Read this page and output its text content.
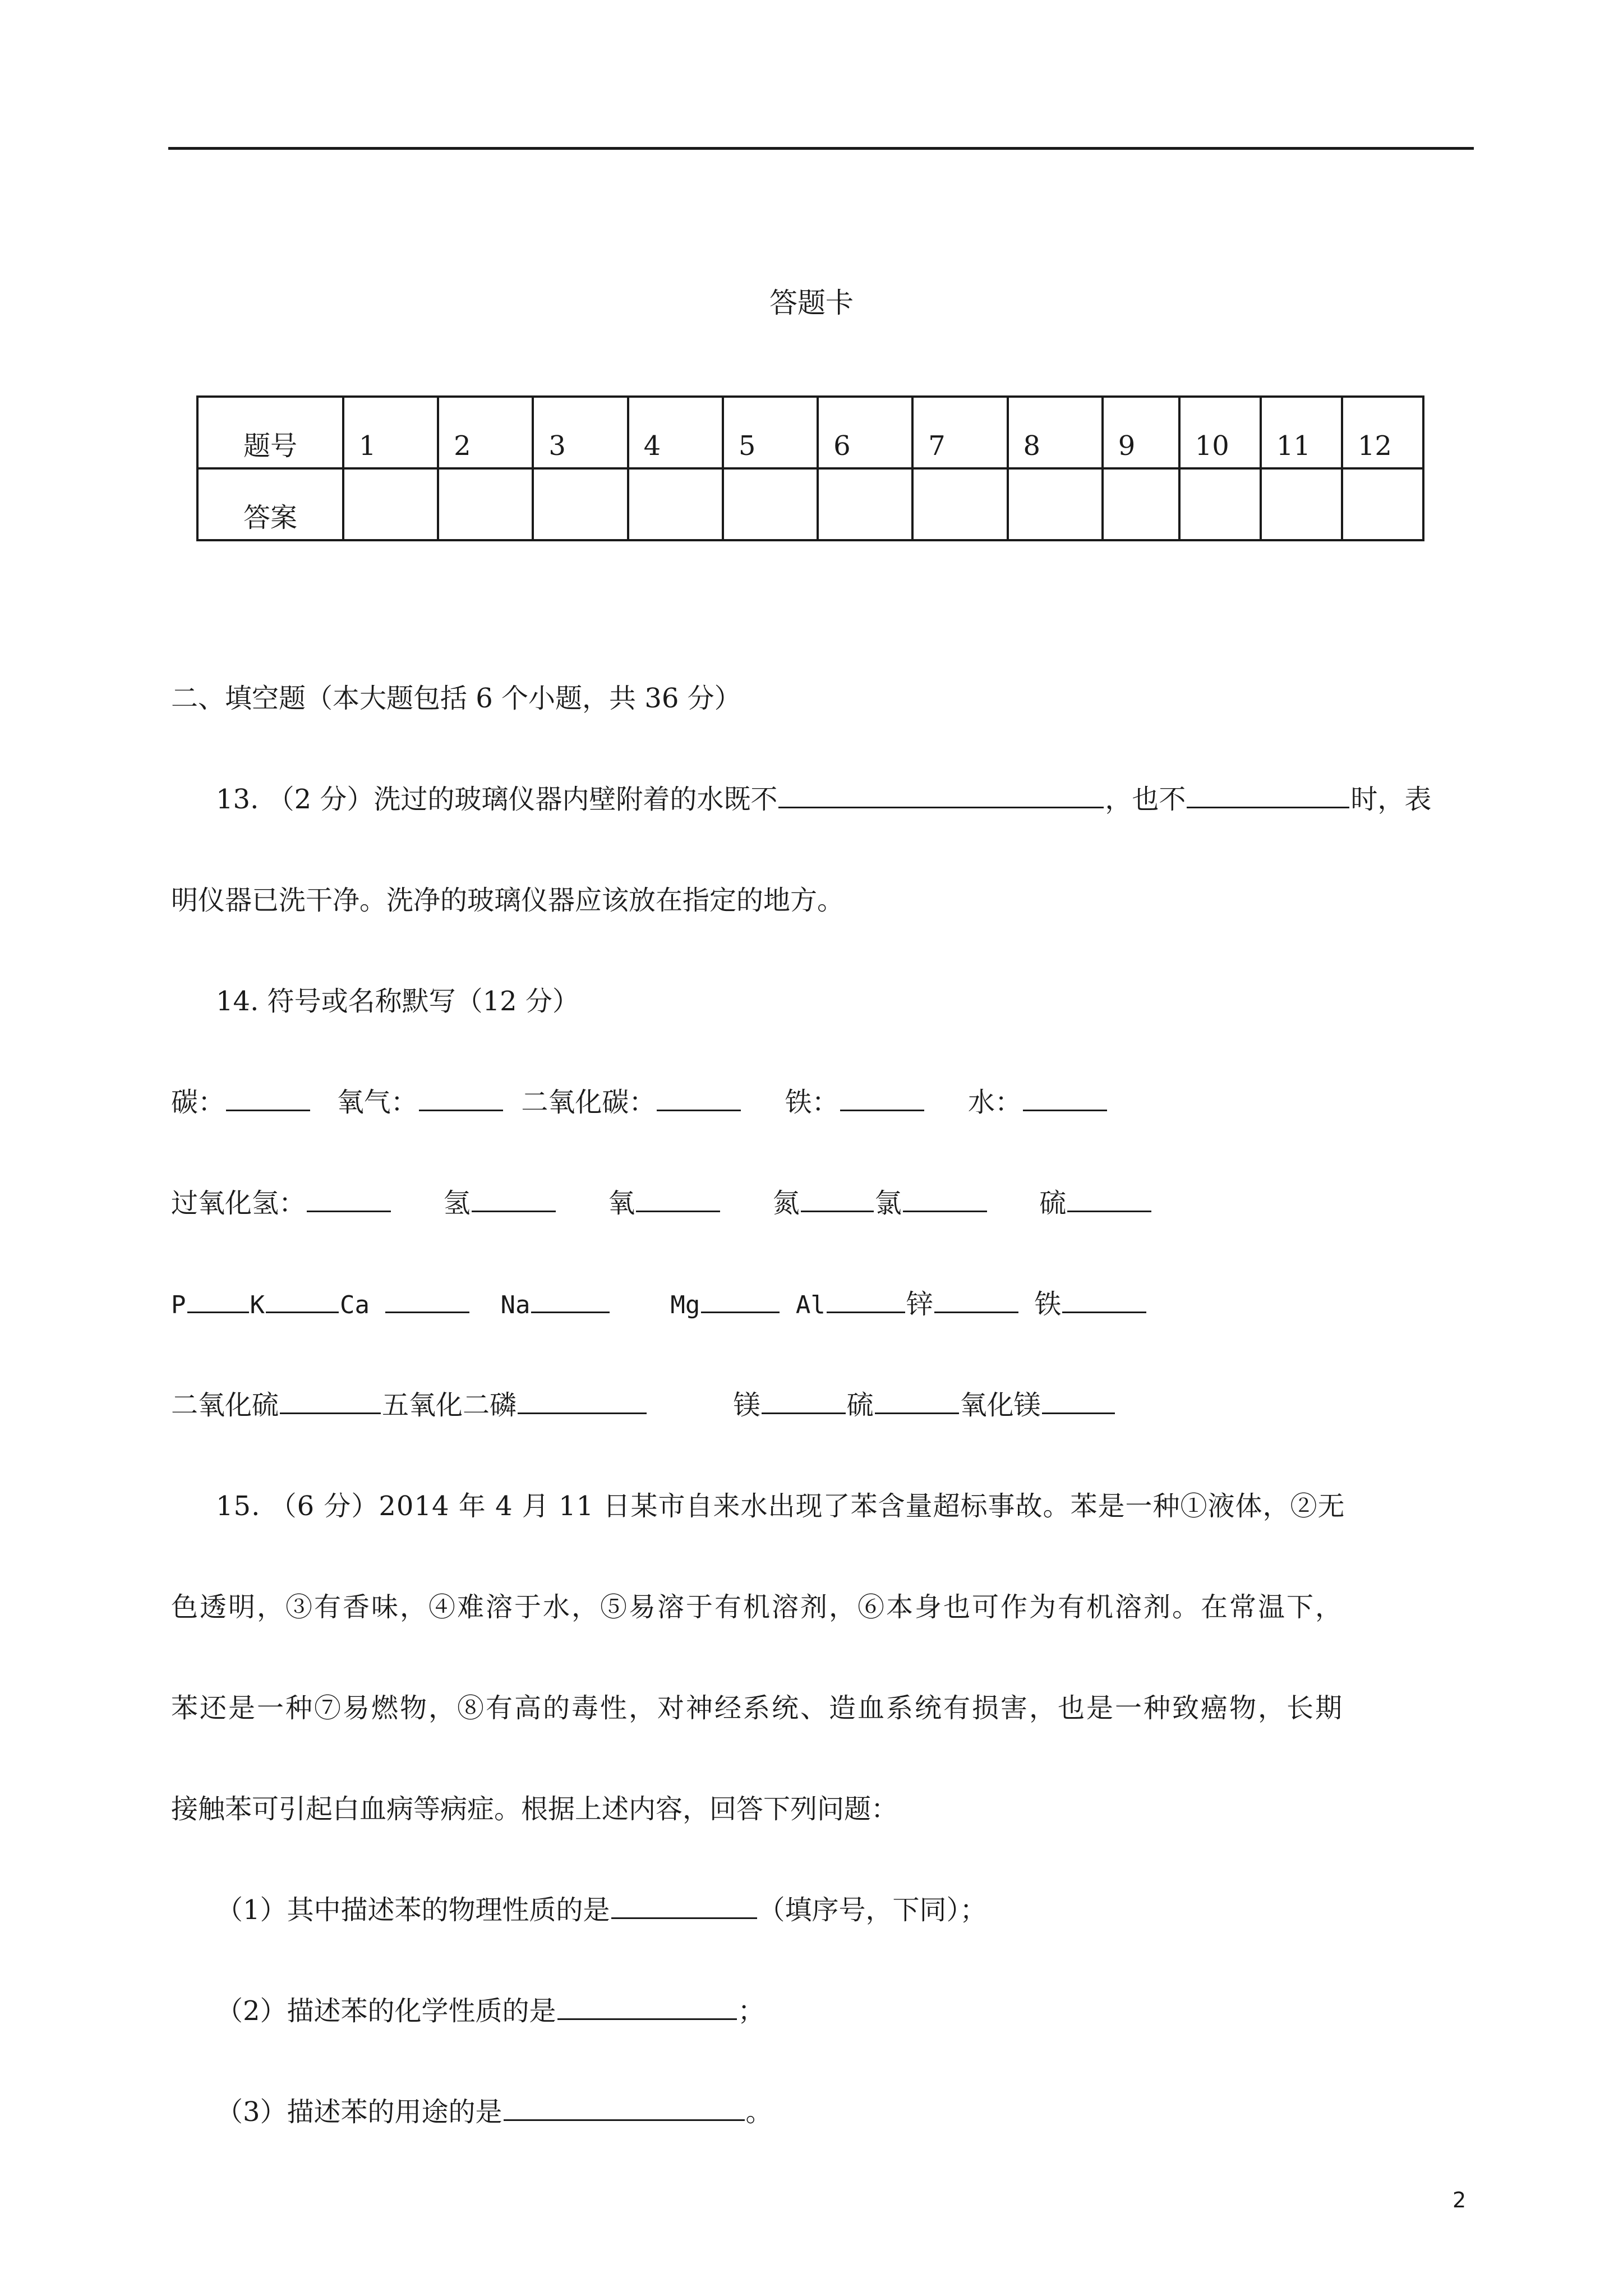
答题卡
题号	1	2	3	4	5	6	7	8	9	10	11	12
答案												
二、填空题（本大题包括 6 个小题，共 36 分）
13. （2 分）洗过的玻璃仪器内壁附着的水既不	，也不	时，表
明仪器已洗干净。洗净的玻璃仪器应该放在指定的地方。
14. 符号或名称默写（12 分）
碳：	氧气：	二氧化碳：	铁：	水：
过氧化氢：	氢	氧	氮	氯	硫
P	K	Ca	Na	Mg	Al	锌	铁
二氧化硫	五氧化二磷	镁	硫	氧化镁
15. （6 分）2014 年 4 月 11 日某市自来水出现了苯含量超标事故。苯是一种①液体，②无
色透明，③有香味，④难溶于水，⑤易溶于有机溶剂，⑥本身也可作为有机溶剂。在常温下，
苯还是一种⑦易燃物，⑧有高的毒性，对神经系统、造血系统有损害，也是一种致癌物，长期
接触苯可引起白血病等病症。根据上述内容，回答下列问题：
（1）其中描述苯的物理性质的是	（填序号，下同）；
（2）描述苯的化学性质的是	；
（3）描述苯的用途的是	。
2
